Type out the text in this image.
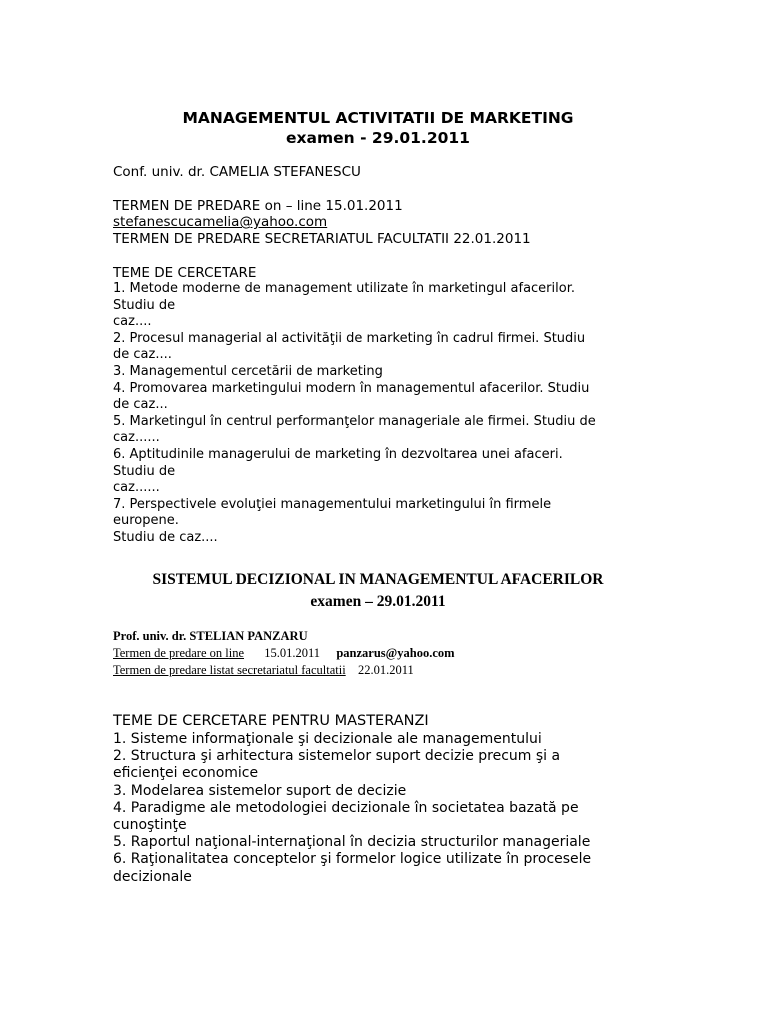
MANAGEMENTUL ACTIVITATII DE MARKETING
examen - 29.01.2011
Conf. univ. dr. CAMELIA STEFANESCU
TERMEN DE PREDARE on – line 15.01.2011
stefanescucamelia@yahoo.com
TERMEN DE PREDARE SECRETARIATUL FACULTATII 22.01.2011
TEME DE CERCETARE
1. Metode moderne de management utilizate în marketingul afacerilor.
Studiu de
caz....
2. Procesul managerial al activităţii de marketing în cadrul firmei. Studiu
de caz....
3. Managementul cercetării de marketing
4. Promovarea marketingului modern în managementul afacerilor. Studiu
de caz...
5. Marketingul în centrul performanţelor manageriale ale firmei. Studiu de
caz......
6. Aptitudinile managerului de marketing în dezvoltarea unei afaceri.
Studiu de
caz......
7. Perspectivele evoluţiei managementului marketingului în firmele
europene.
Studiu de caz....
SISTEMUL DECIZIONAL IN MANAGEMENTUL AFACERILOR
examen – 29.01.2011
Prof. univ. dr. STELIAN PANZARU
Termen de predare on line 15.01.2011 panzarus@yahoo.com
Termen de predare listat secretariatul facultatii 22.01.2011
TEME DE CERCETARE PENTRU MASTERANZI
1. Sisteme informaţionale şi decizionale ale managementului
2. Structura şi arhitectura sistemelor suport decizie precum şi a
eficienţei economice
3. Modelarea sistemelor suport de decizie
4. Paradigme ale metodologiei decizionale în societatea bazată pe
cunoştinţe
5. Raportul naţional-internaţional în decizia structurilor manageriale
6. Raţionalitatea conceptelor şi formelor logice utilizate în procesele
decizionale
